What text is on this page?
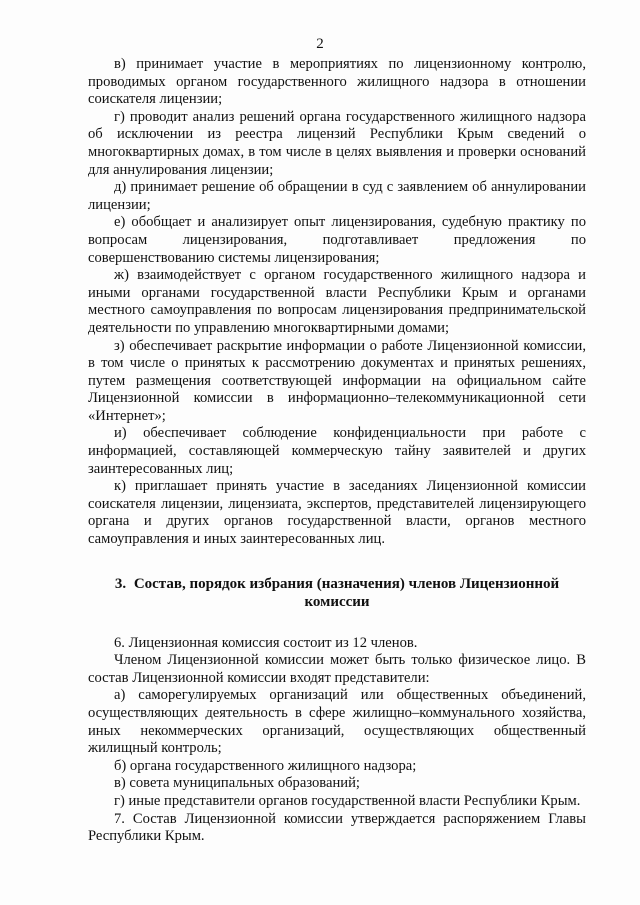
2

в) принимает участие в мероприятиях по лицензионному контролю, проводимых органом государственного жилищного надзора в отношении соискателя лицензии;

г) проводит анализ решений органа государственного жилищного надзора об исключении из реестра лицензий Республики Крым сведений о многоквартирных домах, в том числе в целях выявления и проверки оснований для аннулирования лицензии;

д) принимает решение об обращении в суд с заявлением об аннулировании лицензии;

е) обобщает и анализирует опыт лицензирования, судебную практику по вопросам лицензирования, подготавливает предложения по совершенствованию системы лицензирования;

ж) взаимодействует с органом государственного жилищного надзора и иными органами государственной власти Республики Крым и органами местного самоуправления по вопросам лицензирования предпринимательской деятельности по управлению многоквартирными домами;

з) обеспечивает раскрытие информации о работе Лицензионной комиссии, в том числе о принятых к рассмотрению документах и принятых решениях, путем размещения соответствующей информации на официальном сайте Лицензионной комиссии в информационно–телекоммуникационной сети «Интернет»;

и) обеспечивает соблюдение конфиденциальности при работе с информацией, составляющей коммерческую тайну заявителей и других заинтересованных лиц;

к) приглашает принять участие в заседаниях Лицензионной комиссии соискателя лицензии, лицензиата, экспертов, представителей лицензирующего органа и других органов государственной власти, органов местного самоуправления и иных заинтересованных лиц.

3. Состав, порядок избрания (назначения) членов Лицензионной комиссии

6. Лицензионная комиссия состоит из 12 членов.

Членом Лицензионной комиссии может быть только физическое лицо. В состав Лицензионной комиссии входят представители:

а) саморегулируемых организаций или общественных объединений, осуществляющих деятельность в сфере жилищно–коммунального хозяйства, иных некоммерческих организаций, осуществляющих общественный жилищный контроль;

б) органа государственного жилищного надзора;

в) совета муниципальных образований;

г) иные представители органов государственной власти Республики Крым.

7. Состав Лицензионной комиссии утверждается распоряжением Главы Республики Крым.
